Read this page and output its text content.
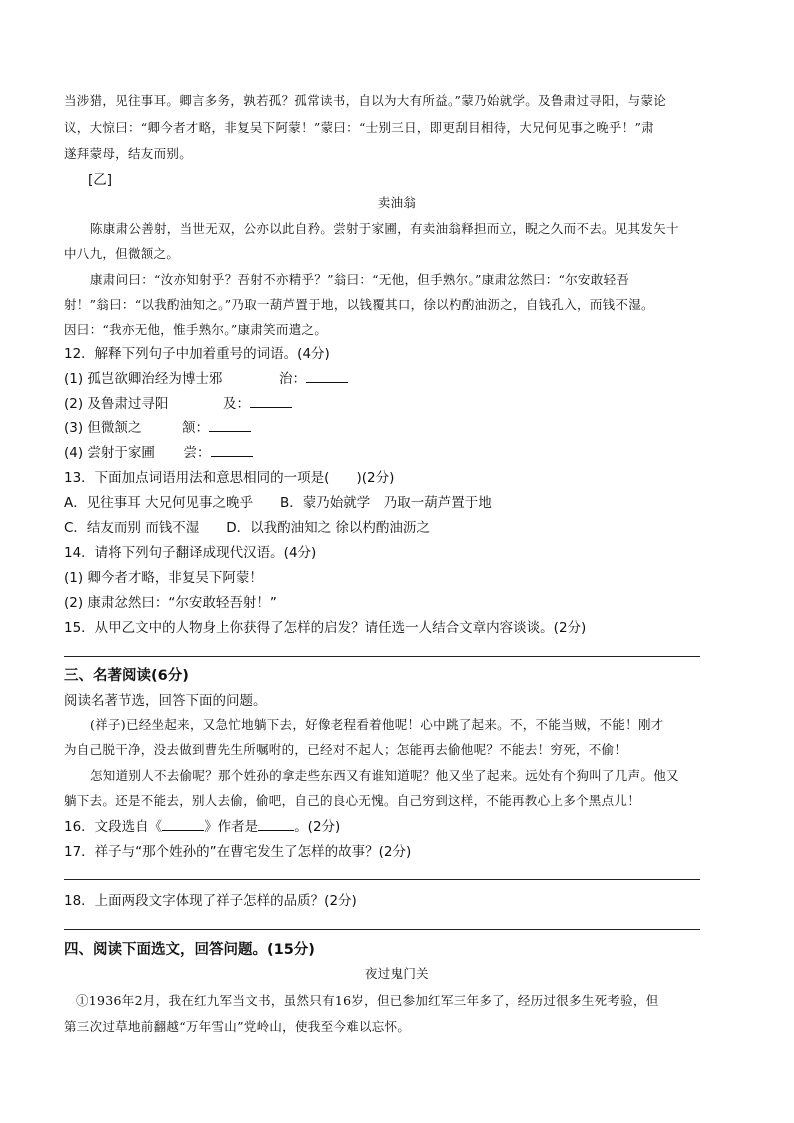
当涉猎，见往事耳。卿言多务，孰若孤？孤常读书，自以为大有所益。”蒙乃始就学。及鲁肃过寻阳，与蒙论
议，大惊曰：“卿今者才略，非复吴下阿蒙！”蒙曰：“士别三日，即更刮目相待，大兄何见事之晚乎！”肃
遂拜蒙母，结友而别。
[乙]
卖油翁
陈康肃公善射，当世无双，公亦以此自矜。尝射于家圃，有卖油翁释担而立，睨之久而不去。见其发矢十
中八九，但微颔之。
康肃问曰：“汝亦知射乎？吾射不亦精乎？”翁曰：“无他，但手熟尔。”康肃忿然曰：“尔安敢轻吾
射！”翁曰：“以我酌油知之。”乃取一葫芦置于地，以钱覆其口，徐以杓酌油沥之，自钱孔入，而钱不湿。
因曰：“我亦无他，惟手熟尔。”康肃笑而遣之。
12．解释下列句子中加着重号的词语。(4分)
(1) 孤岂欲卿治经为博士邪	治：
(2) 及鲁肃过寻阳	及：
(3) 但微颔之	颔：
(4) 尝射于家圃 尝：
13．下面加点词语用法和意思相同的一项是(　　)(2分)
A．见往事耳 大兄何见事之晚乎　　B．蒙乃始就学　乃取一葫芦置于地
C．结友而别 而钱不湿　　D．以我酌油知之 徐以杓酌油沥之
14．请将下列句子翻译成现代汉语。(4分)
(1) 卿今者才略，非复吴下阿蒙！
(2) 康肃忿然曰：“尔安敢轻吾射！”
15．从甲乙文中的人物身上你获得了怎样的启发？请任选一人结合文章内容谈谈。(2分)
三、名著阅读(6分)
阅读名著节选，回答下面的问题。
(祥子)已经坐起来，又急忙地躺下去，好像老程看着他呢！心中跳了起来。不，不能当贼，不能！刚才
为自己脱干净，没去做到曹先生所嘱咐的，已经对不起人；怎能再去偷他呢？不能去！穷死，不偷！
怎知道别人不去偷呢？那个姓孙的拿走些东西又有谁知道呢？他又坐了起来。远处有个狗叫了几声。他又
躺下去。还是不能去，别人去偷，偷吧，自己的良心无愧。自己穷到这样，不能再教心上多个黑点儿！
16．文段选自《	》作者是	。(2分)
17．祥子与“那个姓孙的”在曹宅发生了怎样的故事？(2分)
18．上面两段文字体现了祥子怎样的品质？(2分)
四、阅读下面选文，回答问题。(15分)
夜过鬼门关
①1936年2月，我在红九军当文书，虽然只有16岁，但已参加红军三年多了，经历过很多生死考验，但
第三次过草地前翻越“万年雪山”党岭山，使我至今难以忘怀。
